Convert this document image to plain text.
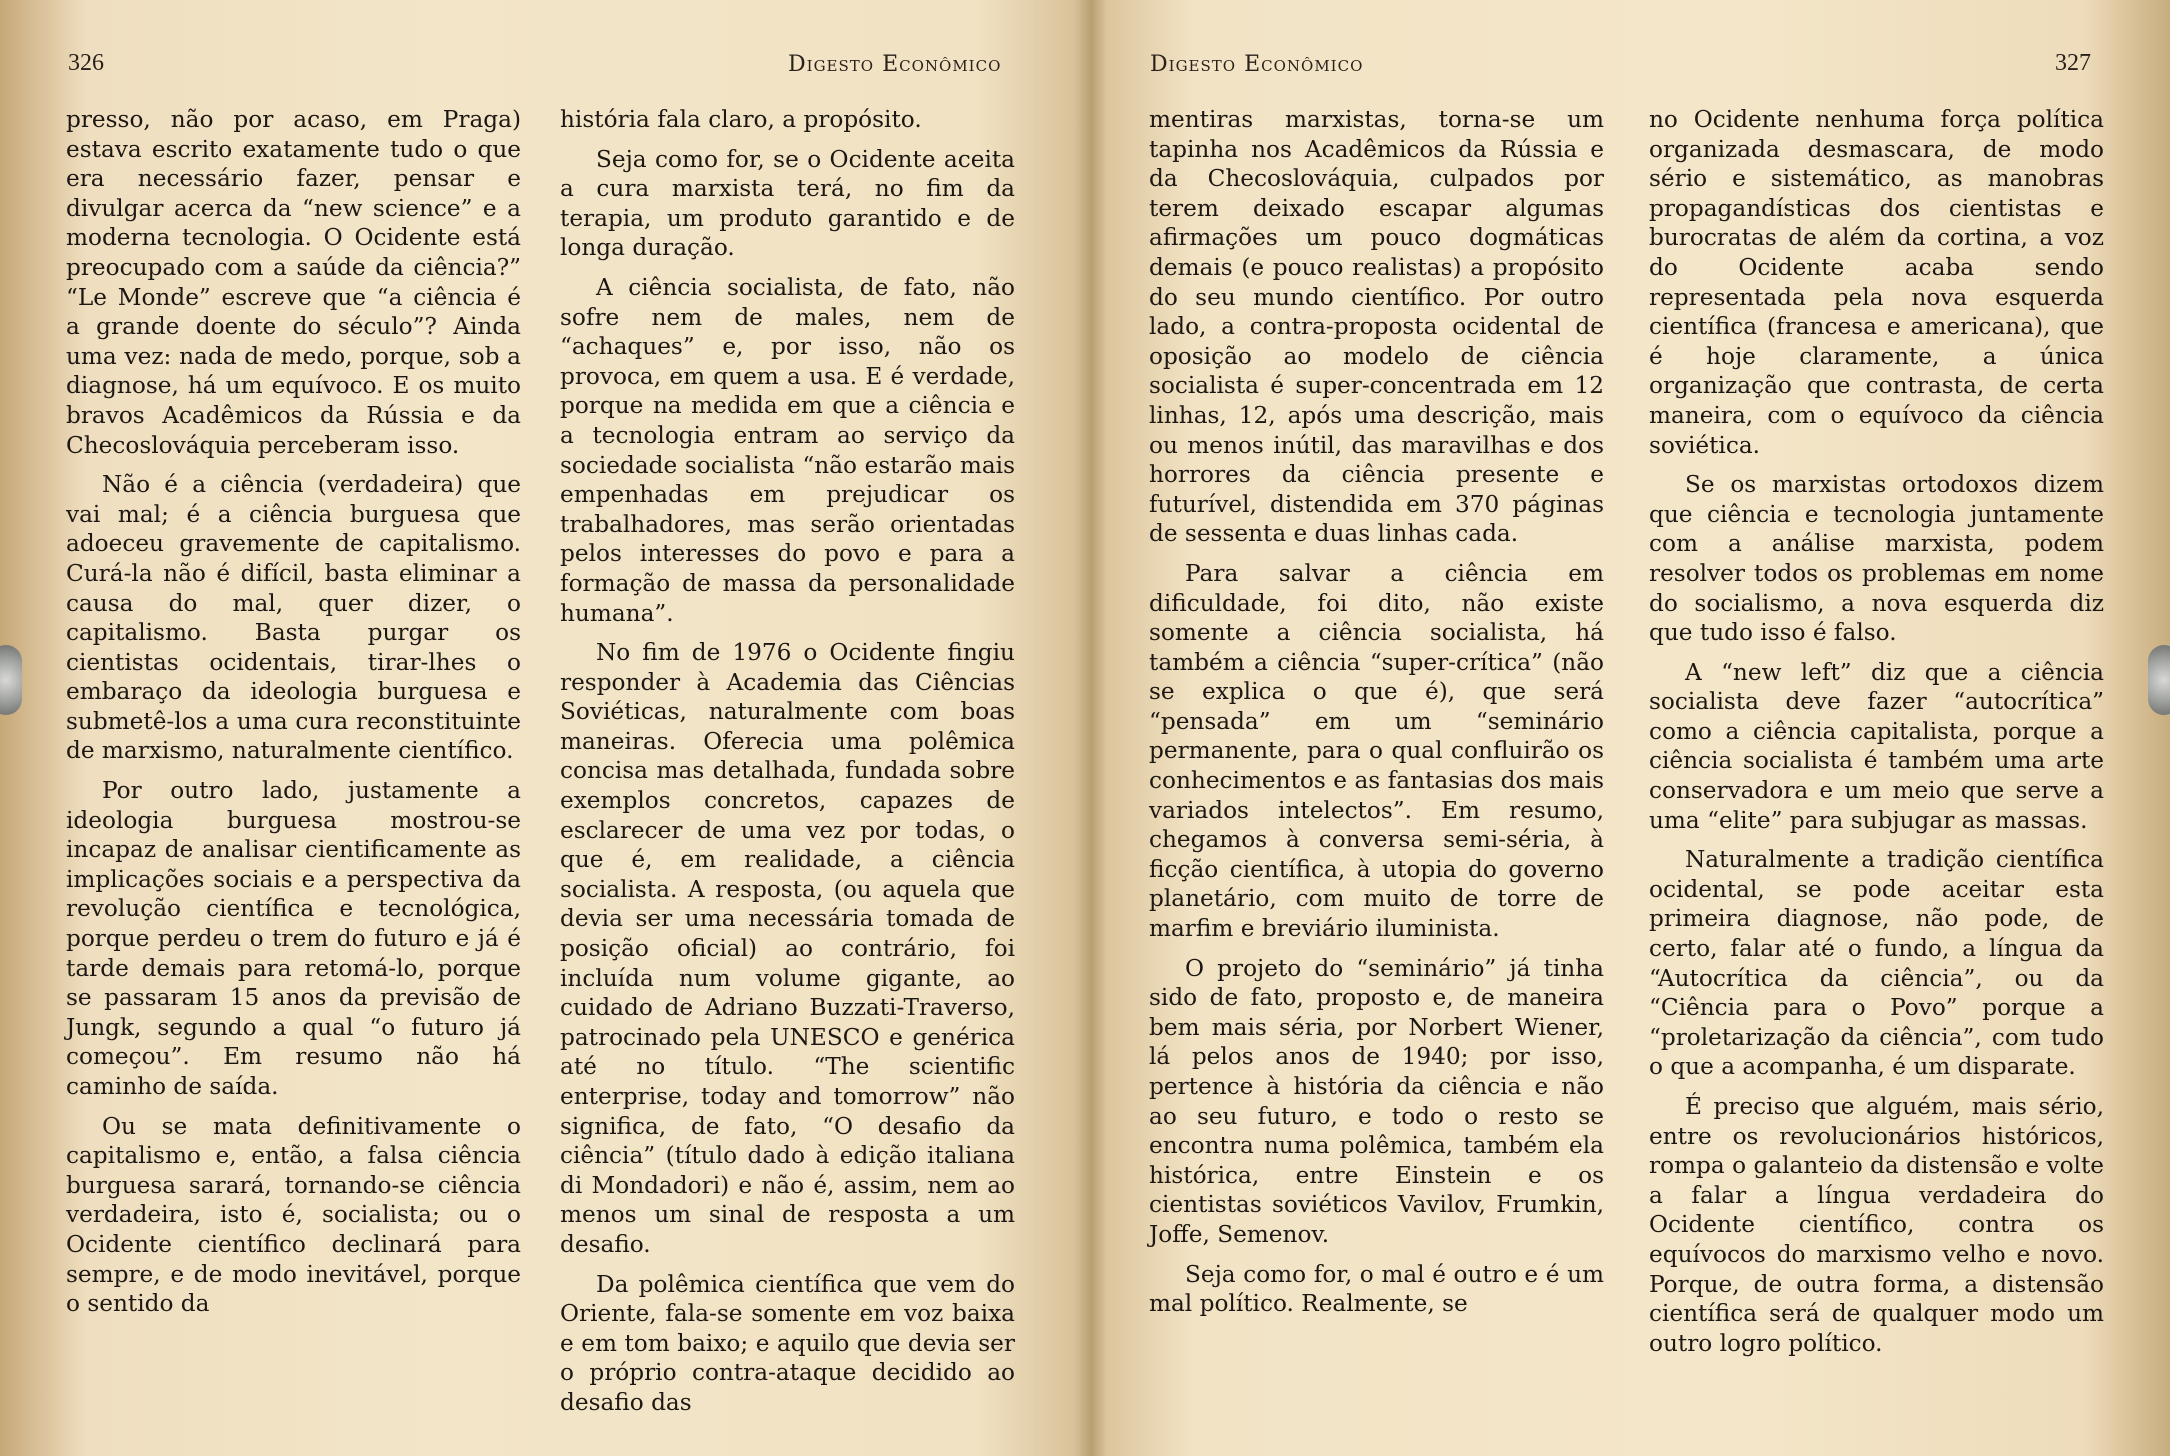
326	Digesto Econômico

presso, não por acaso, em Praga) estava escrito exatamente tudo o que era necessário fazer, pensar e divulgar acerca da “new science” e a moderna tecnologia. O Ocidente está preocupado com a saúde da ciência?” “Le Monde” escreve que “a ciência é a grande doente do século”? Ainda uma vez: nada de medo, porque, sob a diagnose, há um equívoco. E os muito bravos Acadêmicos da Rússia e da Checoslováquia perceberam isso.

Não é a ciência (verdadeira) que vai mal; é a ciência burguesa que adoeceu gravemente de capitalismo. Curá-la não é difícil, basta eliminar a causa do mal, quer dizer, o capitalismo. Basta purgar os cientistas ocidentais, tirar-lhes o embaraço da ideologia burguesa e submetê-los a uma cura reconstituinte de marxismo, naturalmente científico.

Por outro lado, justamente a ideologia burguesa mostrou-se incapaz de analisar cientificamente as implicações sociais e a perspectiva da revolução científica e tecnológica, porque perdeu o trem do futuro e já é tarde demais para retomá-lo, porque se passaram 15 anos da previsão de Jungk, segundo a qual “o futuro já começou”. Em resumo não há caminho de saída.

Ou se mata definitivamente o capitalismo e, então, a falsa ciência burguesa sarará, tornando-se ciência verdadeira, isto é, socialista; ou o Ocidente científico declinará para sempre, e de modo inevitável, porque o sentido da

história fala claro, a propósito.

Seja como for, se o Ocidente aceita a cura marxista terá, no fim da terapia, um produto garantido e de longa duração.

A ciência socialista, de fato, não sofre nem de males, nem de “achaques” e, por isso, não os provoca, em quem a usa. E é verdade, porque na medida em que a ciência e a tecnologia entram ao serviço da sociedade socialista “não estarão mais empenhadas em prejudicar os trabalhadores, mas serão orientadas pelos interesses do povo e para a formação de massa da personalidade humana”.

No fim de 1976 o Ocidente fingiu responder à Academia das Ciências Soviéticas, naturalmente com boas maneiras. Oferecia uma polêmica concisa mas detalhada, fundada sobre exemplos concretos, capazes de esclarecer de uma vez por todas, o que é, em realidade, a ciência socialista. A resposta, (ou aquela que devia ser uma necessária tomada de posição oficial) ao contrário, foi incluída num volume gigante, ao cuidado de Adriano Buzzati-Traverso, patrocinado pela UNESCO e genérica até no título. “The scientific enterprise, today and tomorrow” não significa, de fato, “O desafio da ciência” (título dado à edição italiana di Mondadori) e não é, assim, nem ao menos um sinal de resposta a um desafio.

Da polêmica científica que vem do Oriente, fala-se somente em voz baixa e em tom baixo; e aquilo que devia ser o próprio contra-ataque decidido ao desafio das

Digesto Econômico	327

mentiras marxistas, torna-se um tapinha nos Acadêmicos da Rússia e da Checoslováquia, culpados por terem deixado escapar algumas afirmações um pouco dogmáticas demais (e pouco realistas) a propósito do seu mundo científico. Por outro lado, a contra-proposta ocidental de oposição ao modelo de ciência socialista é super-concentrada em 12 linhas, 12, após uma descrição, mais ou menos inútil, das maravilhas e dos horrores da ciência presente e futurível, distendida em 370 páginas de sessenta e duas linhas cada.

Para salvar a ciência em dificuldade, foi dito, não existe somente a ciência socialista, há também a ciência “super-crítica” (não se explica o que é), que será “pensada” em um “seminário permanente, para o qual confluirão os conhecimentos e as fantasias dos mais variados intelectos”. Em resumo, chegamos à conversa semi-séria, à ficção científica, à utopia do governo planetário, com muito de torre de marfim e breviário iluminista.

O projeto do “seminário” já tinha sido de fato, proposto e, de maneira bem mais séria, por Norbert Wiener, lá pelos anos de 1940; por isso, pertence à história da ciência e não ao seu futuro, e todo o resto se encontra numa polêmica, também ela histórica, entre Einstein e os cientistas soviéticos Vavilov, Frumkin, Joffe, Semenov.

Seja como for, o mal é outro e é um mal político. Realmente, se

no Ocidente nenhuma força política organizada desmascara, de modo sério e sistemático, as manobras propagandísticas dos cientistas e burocratas de além da cortina, a voz do Ocidente acaba sendo representada pela nova esquerda científica (francesa e americana), que é hoje claramente, a única organização que contrasta, de certa maneira, com o equívoco da ciência soviética.

Se os marxistas ortodoxos dizem que ciência e tecnologia juntamente com a análise marxista, podem resolver todos os problemas em nome do socialismo, a nova esquerda diz que tudo isso é falso.

A “new left” diz que a ciência socialista deve fazer “autocrítica” como a ciência capitalista, porque a ciência socialista é também uma arte conservadora e um meio que serve a uma “elite” para subjugar as massas.

Naturalmente a tradição científica ocidental, se pode aceitar esta primeira diagnose, não pode, de certo, falar até o fundo, a língua da “Autocrítica da ciência”, ou da “Ciência para o Povo” porque a “proletarização da ciência”, com tudo o que a acompanha, é um disparate.

É preciso que alguém, mais sério, entre os revolucionários históricos, rompa o galanteio da distensão e volte a falar a língua verdadeira do Ocidente científico, contra os equívocos do marxismo velho e novo. Porque, de outra forma, a distensão científica será de qualquer modo um outro logro político.
